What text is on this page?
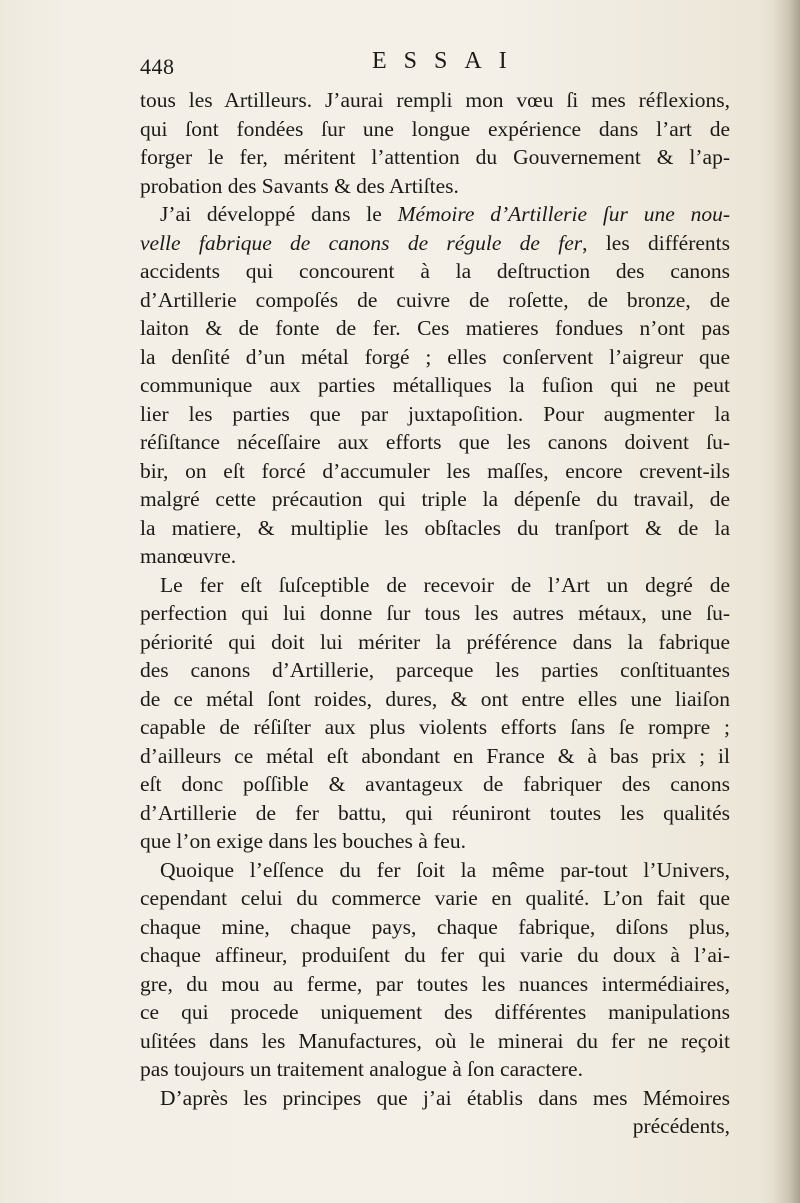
448	ESSAI
tous les Artilleurs. J’aurai rempli mon vœu ſi mes réflexions,
qui ſont fondées ſur une longue expérience dans l’art de
forger le fer, méritent l’attention du Gouvernement & l’ap-
probation des Savants & des Artiſtes.
J’ai développé dans le Mémoire d’Artillerie ſur une nou-
velle fabrique de canons de régule de fer, les différents
accidents qui concourent à la deſtruction des canons
d’Artillerie compoſés de cuivre de roſette, de bronze, de
laiton & de fonte de fer. Ces matieres fondues n’ont pas
la denſité d’un métal forgé ; elles conſervent l’aigreur que
communique aux parties métalliques la fuſion qui ne peut
lier les parties que par juxtapoſition. Pour augmenter la
réſiſtance néceſſaire aux efforts que les canons doivent ſu-
bir, on eſt forcé d’accumuler les maſſes, encore crevent-ils
malgré cette précaution qui triple la dépenſe du travail, de
la matiere, & multiplie les obſtacles du tranſport & de la
manœuvre.
Le fer eſt ſuſceptible de recevoir de l’Art un degré de
perfection qui lui donne ſur tous les autres métaux, une ſu-
périorité qui doit lui mériter la préférence dans la fabrique
des canons d’Artillerie, parceque les parties conſtituantes
de ce métal ſont roides, dures, & ont entre elles une liaiſon
capable de réſiſter aux plus violents efforts ſans ſe rompre ;
d’ailleurs ce métal eſt abondant en France & à bas prix ; il
eſt donc poſſible & avantageux de fabriquer des canons
d’Artillerie de fer battu, qui réuniront toutes les qualités
que l’on exige dans les bouches à feu.
Quoique l’eſſence du fer ſoit la même par-tout l’Univers,
cependant celui du commerce varie en qualité. L’on fait que
chaque mine, chaque pays, chaque fabrique, diſons plus,
chaque affineur, produiſent du fer qui varie du doux à l’ai-
gre, du mou au ferme, par toutes les nuances intermédiaires,
ce qui procede uniquement des différentes manipulations
uſitées dans les Manufactures, où le minerai du fer ne reçoit
pas toujours un traitement analogue à ſon caractere.
D’après les principes que j’ai établis dans mes Mémoires
précédents,
